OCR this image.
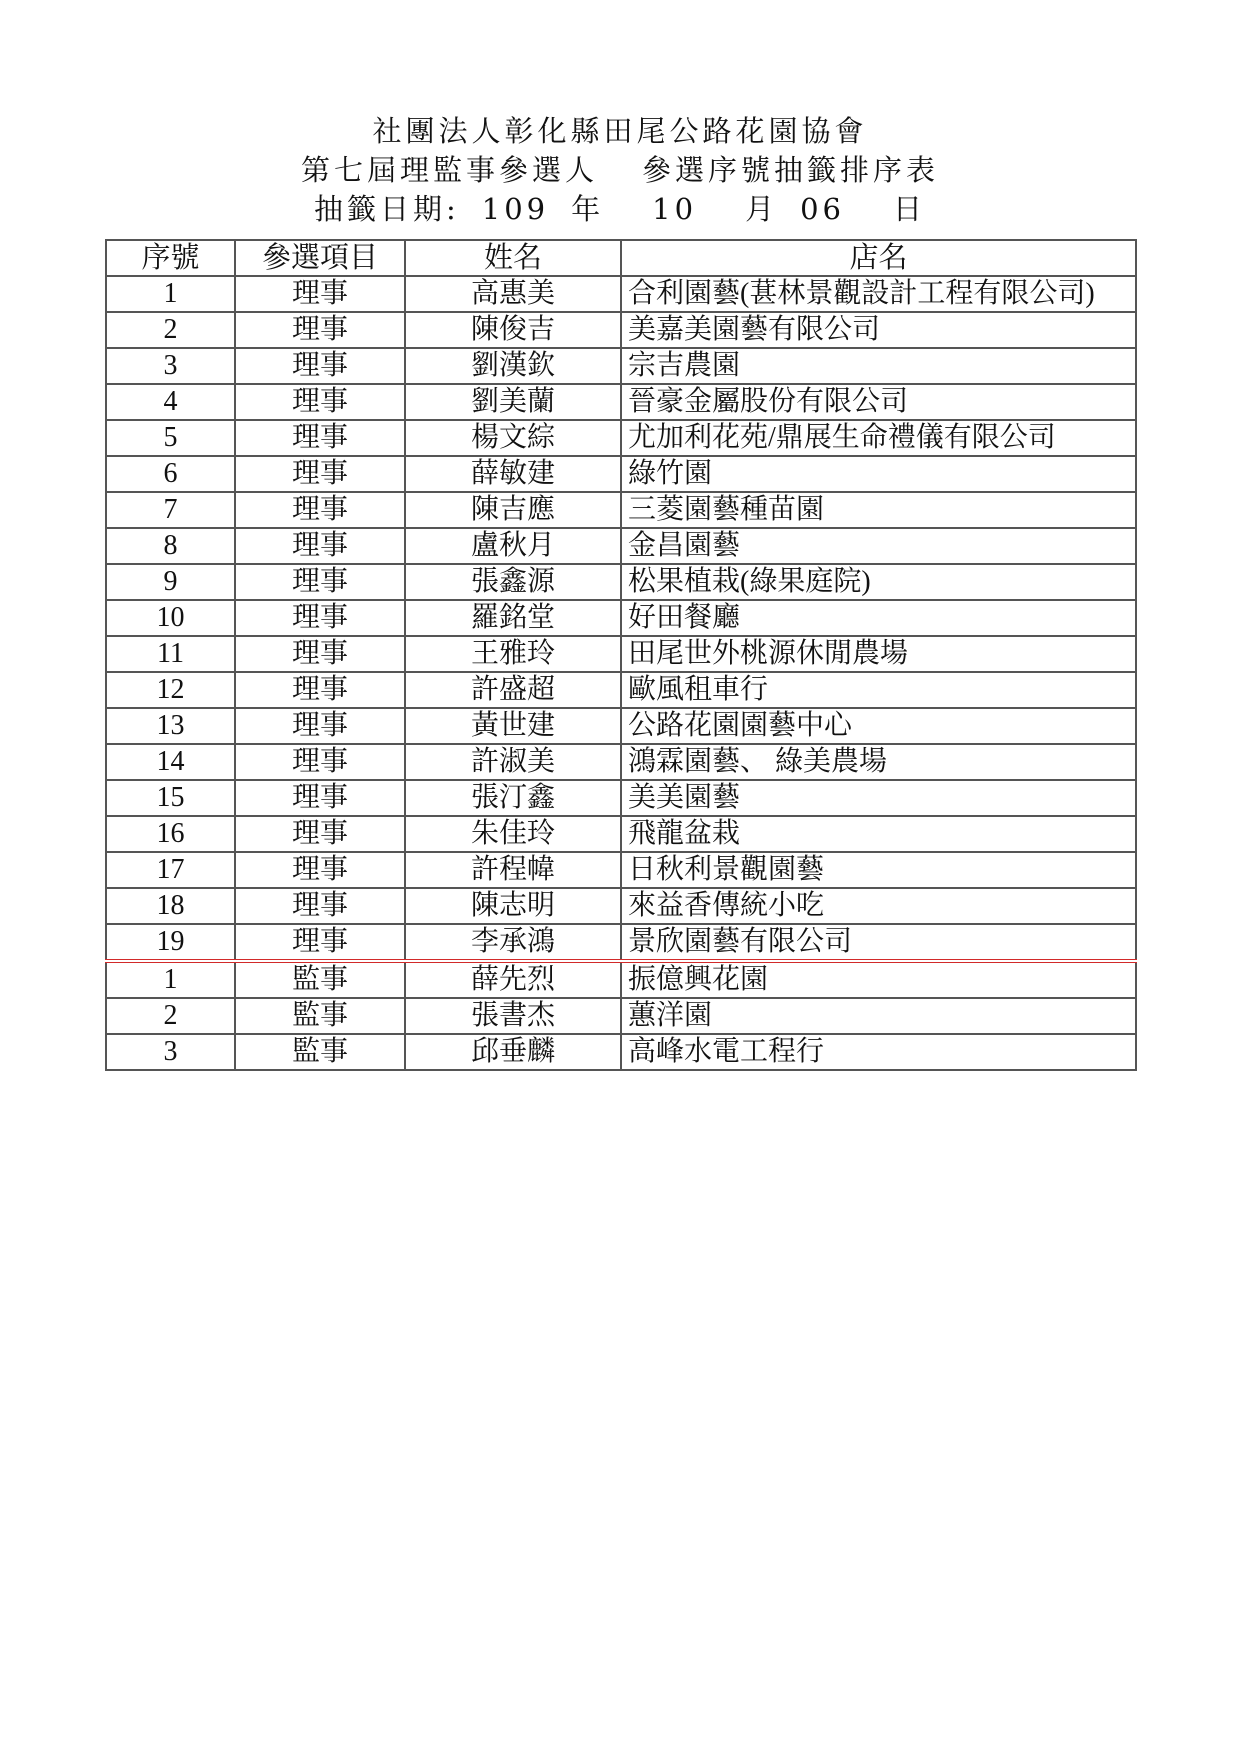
社團法人彰化縣田尾公路花園協會
第七屆理監事參選人 參選序號抽籤排序表
抽籤日期: 109 年 10 月 06 日
序號	參選項目	姓名	店名
1	理事	高惠美	合利園藝(葚林景觀設計工程有限公司)
2	理事	陳俊吉	美嘉美園藝有限公司
3	理事	劉漢欽	宗吉農園
4	理事	劉美蘭	晉豪金屬股份有限公司
5	理事	楊文綜	尤加利花苑/鼎展生命禮儀有限公司
6	理事	薛敏建	綠竹園
7	理事	陳吉應	三菱園藝種苗園
8	理事	盧秋月	金昌園藝
9	理事	張鑫源	松果植栽(綠果庭院)
10	理事	羅銘堂	好田餐廳
11	理事	王雅玲	田尾世外桃源休閒農場
12	理事	許盛超	歐風租車行
13	理事	黃世建	公路花園園藝中心
14	理事	許淑美	鴻霖園藝、 綠美農場
15	理事	張汀鑫	美美園藝
16	理事	朱佳玲	飛龍盆栽
17	理事	許程幃	日秋利景觀園藝
18	理事	陳志明	來益香傳統小吃
19	理事	李承鴻	景欣園藝有限公司
1	監事	薛先烈	振億興花園
2	監事	張書杰	蕙洋園
3	監事	邱垂麟	高峰水電工程行
